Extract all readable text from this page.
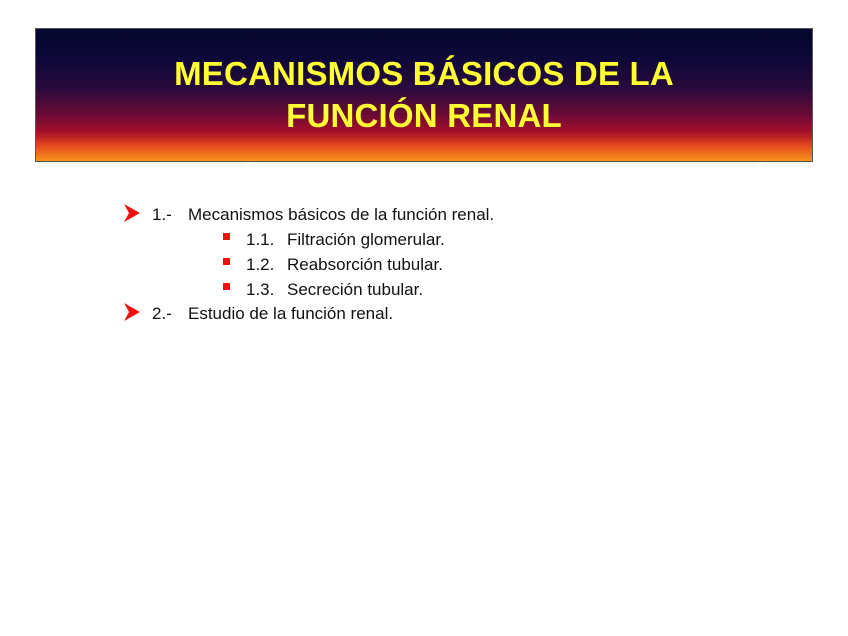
MECANISMOS BÁSICOS DE LA
FUNCIÓN RENAL
1.- Mecanismos básicos de la función renal.
1.1. Filtración glomerular.
1.2. Reabsorción tubular.
1.3. Secreción tubular.
2.- Estudio de la función renal.
